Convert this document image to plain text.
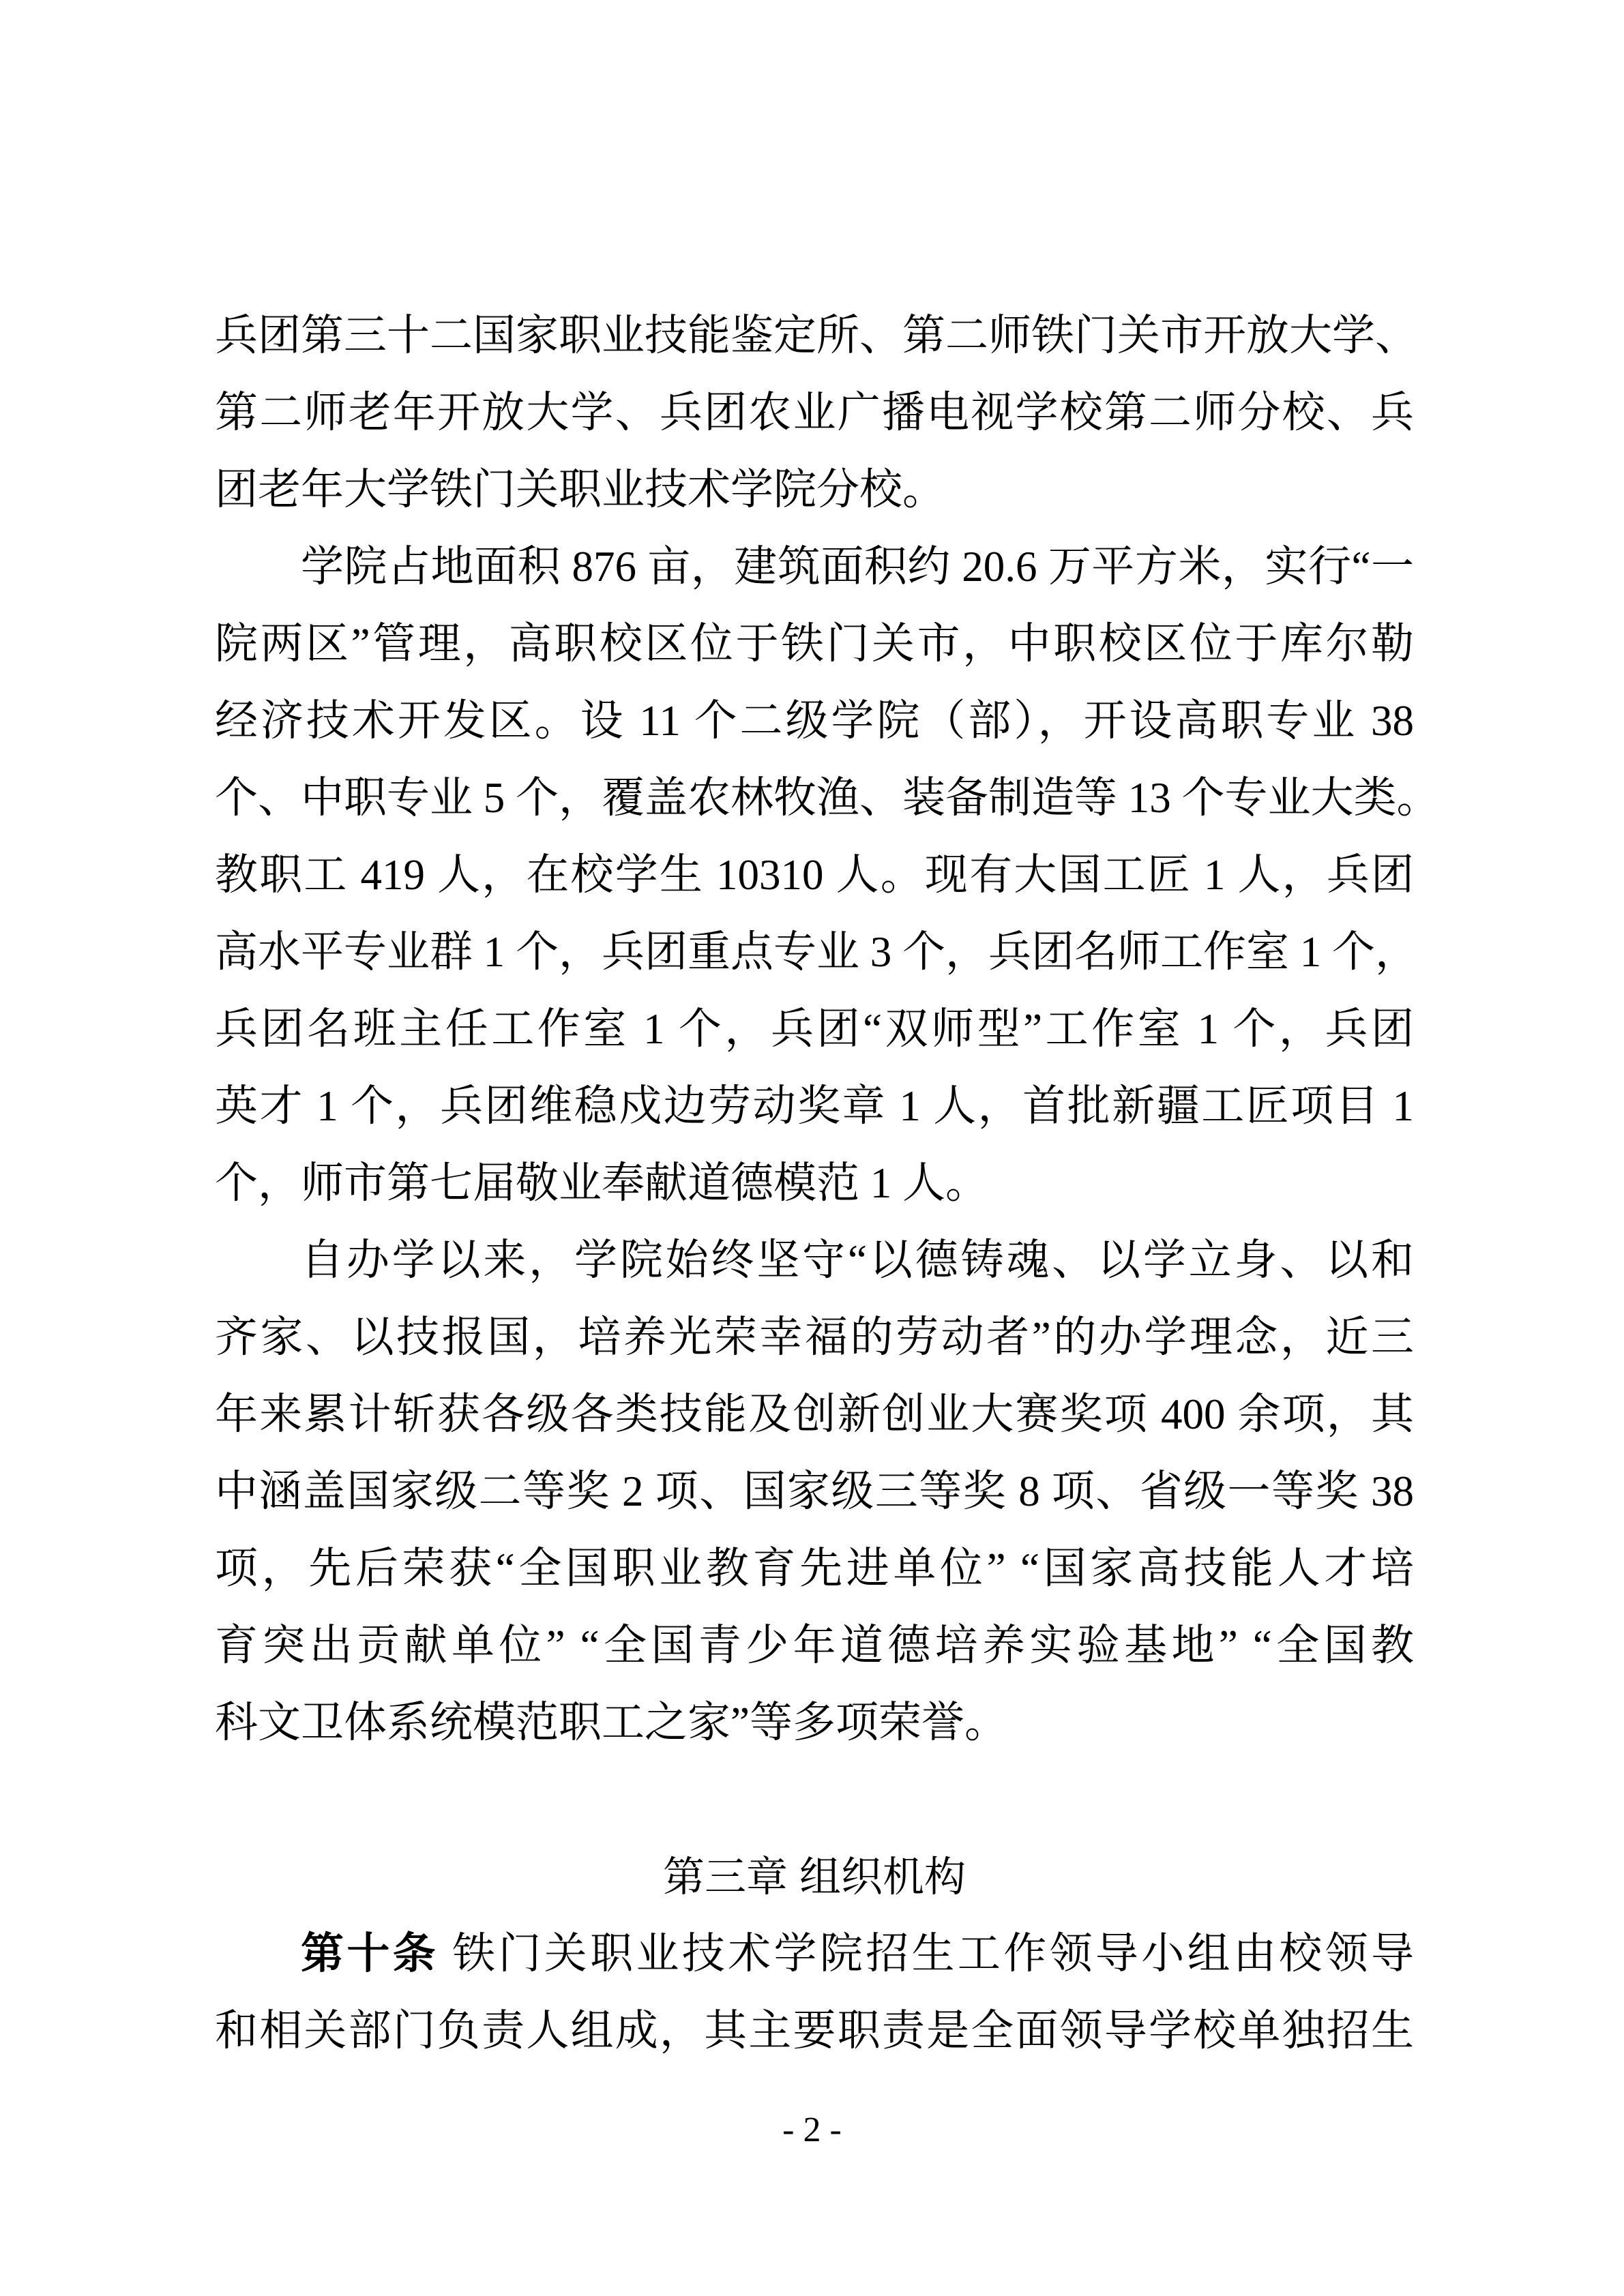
兵团第三十二国家职业技能鉴定所、第二师铁门关市开放大学、
第二师老年开放大学、兵团农业广播电视学校第二师分校、兵
团老年大学铁门关职业技术学院分校。
学院占地面积 876 亩，建筑面积约 20.6 万平方米，实行“一
院两区”管理，高职校区位于铁门关市，中职校区位于库尔勒
经济技术开发区。设 11 个二级学院（部），开设高职专业 38
个、中职专业 5 个，覆盖农林牧渔、装备制造等 13 个专业大类。
教职工 419 人，在校学生 10310 人。现有大国工匠 1 人，兵团
高水平专业群 1 个，兵团重点专业 3 个，兵团名师工作室 1 个，
兵团名班主任工作室 1 个，兵团“双师型”工作室 1 个，兵团
英才 1 个，兵团维稳戍边劳动奖章 1 人，首批新疆工匠项目 1
个，师市第七届敬业奉献道德模范 1 人。
自办学以来，学院始终坚守“以德铸魂、以学立身、以和
齐家、以技报国，培养光荣幸福的劳动者”的办学理念，近三
年来累计斩获各级各类技能及创新创业大赛奖项 400 余项，其
中涵盖国家级二等奖 2 项、国家级三等奖 8 项、省级一等奖 38
项，先后荣获“全国职业教育先进单位” “国家高技能人才培
育突出贡献单位” “全国青少年道德培养实验基地” “全国教
科文卫体系统模范职工之家”等多项荣誉。
第三章 组织机构
第十条 铁门关职业技术学院招生工作领导小组由校领导
和相关部门负责人组成，其主要职责是全面领导学校单独招生
- 2 -
